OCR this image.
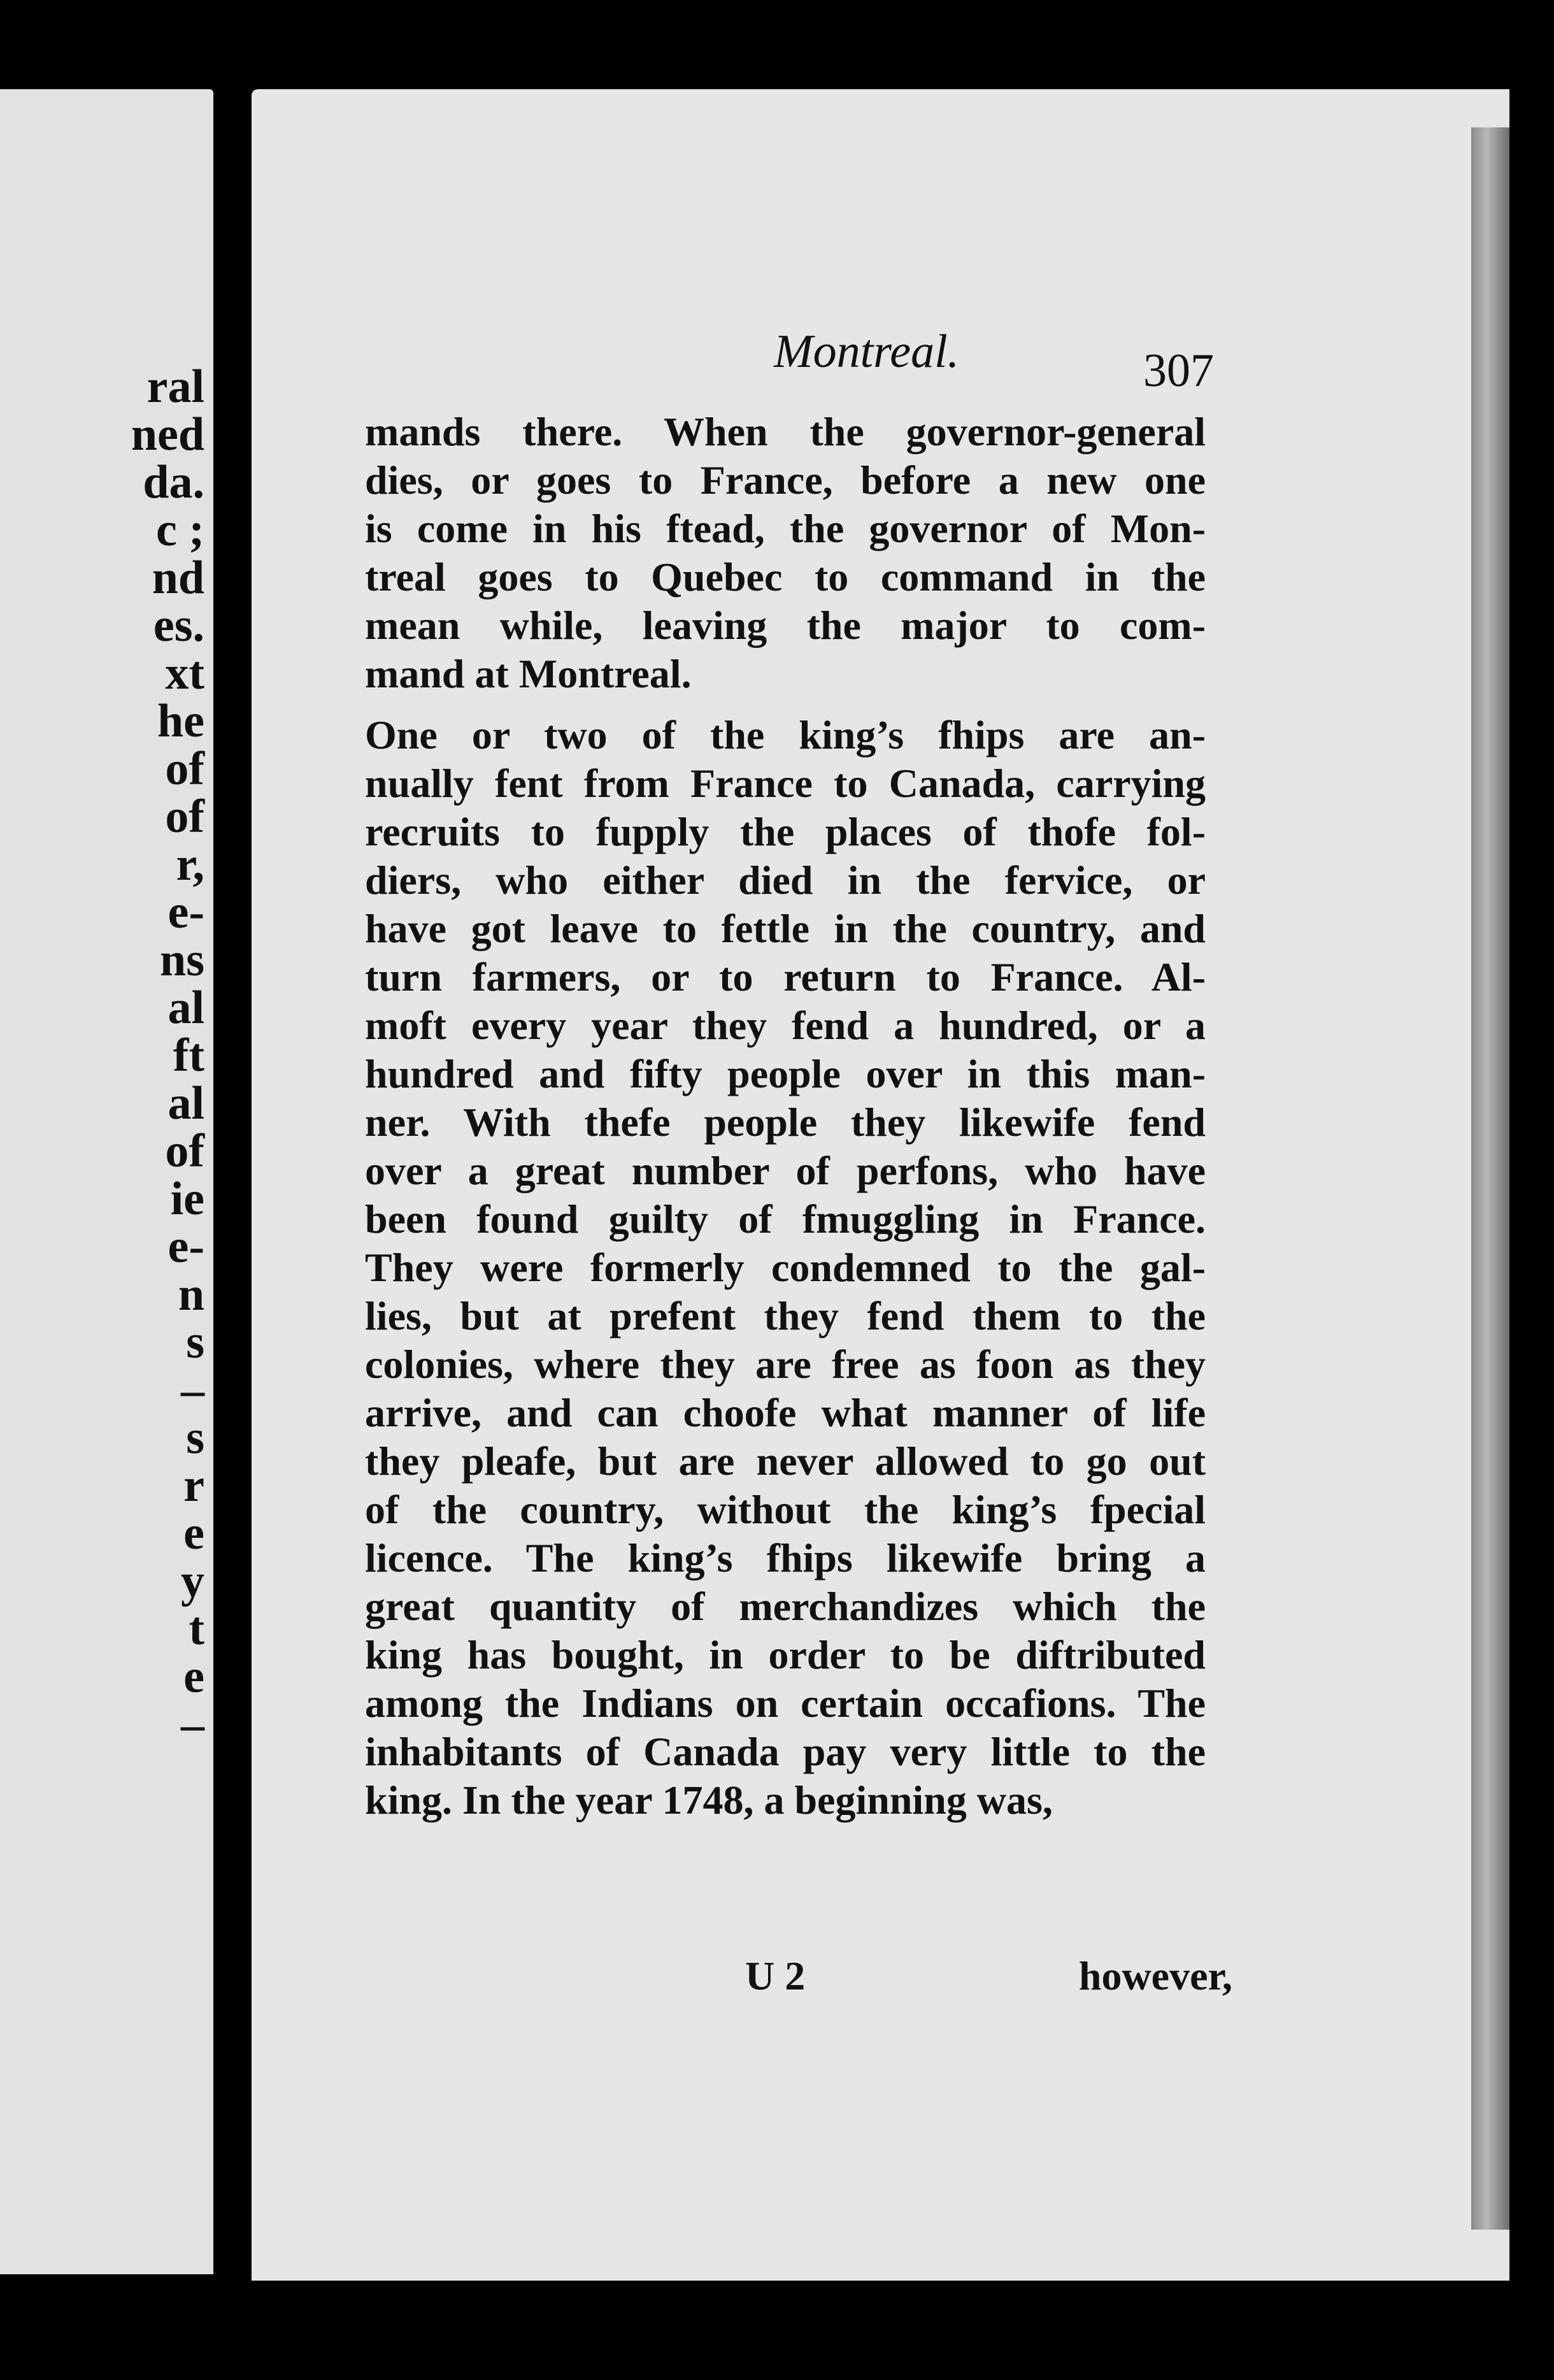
ral
ned
da.
c ;
nd
es.
xt
he
of
of
r,
e-
ns
al
ft
al
of
ie
e-
n
s
–
s
r
e
y
t
e
–
Montreal.	307
mands there. When the governor-general
dies, or goes to France, before a new one
is come in his ftead, the governor of Mon-
treal goes to Quebec to command in the
mean while, leaving the major to com-
mand at Montreal.
One or two of the king’s fhips are an-
nually fent from France to Canada, carrying
recruits to fupply the places of thofe fol-
diers, who either died in the fervice, or
have got leave to fettle in the country, and
turn farmers, or to return to France. Al-
moft every year they fend a hundred, or a
hundred and fifty people over in this man-
ner. With thefe people they likewife fend
over a great number of perfons, who have
been found guilty of fmuggling in France.
They were formerly condemned to the gal-
lies, but at prefent they fend them to the
colonies, where they are free as foon as they
arrive, and can choofe what manner of life
they pleafe, but are never allowed to go out
of the country, without the king’s fpecial
licence. The king’s fhips likewife bring a
great quantity of merchandizes which the
king has bought, in order to be diftributed
among the Indians on certain occafions. The
inhabitants of Canada pay very little to the
king. In the year 1748, a beginning was,
U 2	however,
